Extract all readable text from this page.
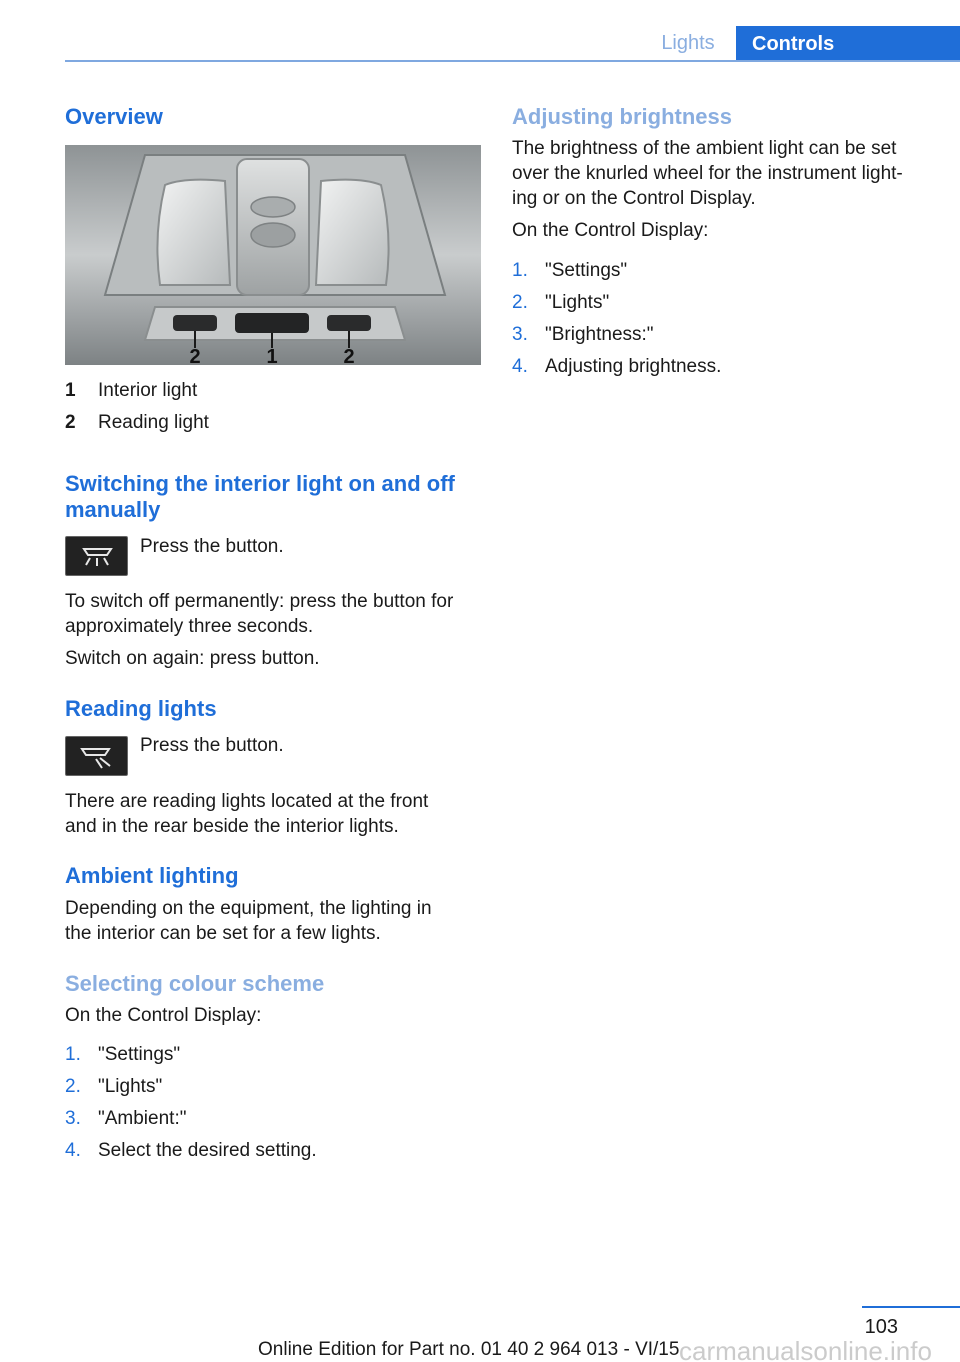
Lights	Controls
Overview
2	1	2
1 Interior light
2 Reading light
Switching the interior light on and off
manually
Press the button.
To switch off permanently: press the button for
approximately three seconds.
Switch on again: press button.
Reading lights
Press the button.
There are reading lights located at the front
and in the rear beside the interior lights.
Ambient lighting
Depending on the equipment, the lighting in
the interior can be set for a few lights.
Selecting colour scheme
On the Control Display:
1. "Settings"
2. "Lights"
3. "Ambient:"
4. Select the desired setting.
Adjusting brightness
The brightness of the ambient light can be set
over the knurled wheel for the instrument light‐
ing or on the Control Display.
On the Control Display:
1. "Settings"
2. "Lights"
3. "Brightness:"
4. Adjusting brightness.
103
Online Edition for Part no. 01 40 2 964 013 - VI/15 carmanualsonline.info
